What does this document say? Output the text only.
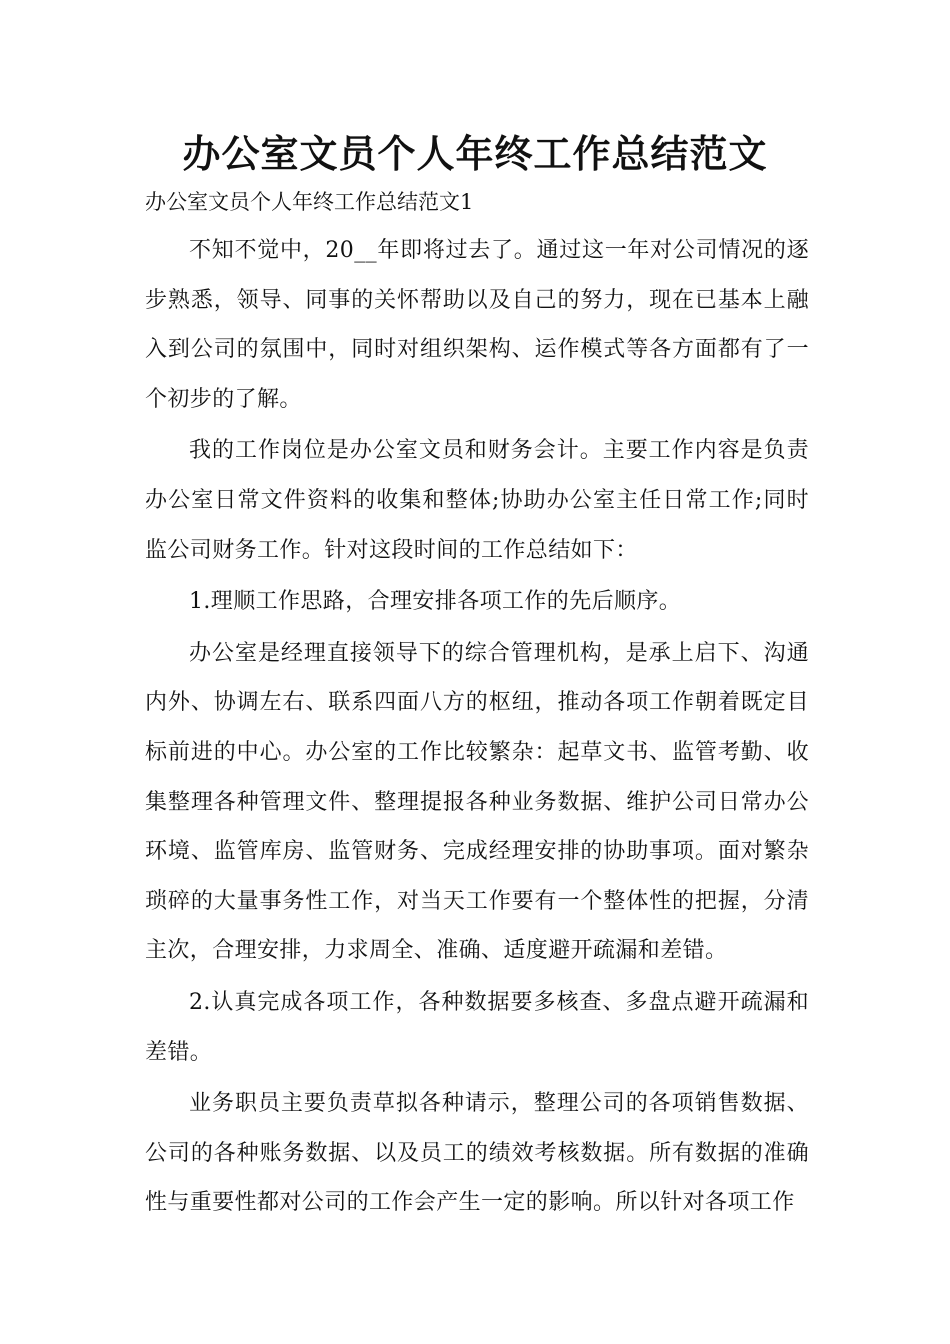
办公室文员个人年终工作总结范文
办公室文员个人年终工作总结范文1

不知不觉中，20__年即将过去了。通过这一年对公司情况的逐步熟悉，领导、同事的关怀帮助以及自己的努力，现在已基本上融入到公司的氛围中，同时对组织架构、运作模式等各方面都有了一个初步的了解。

我的工作岗位是办公室文员和财务会计。主要工作内容是负责办公室日常文件资料的收集和整体;协助办公室主任日常工作;同时监公司财务工作。针对这段时间的工作总结如下：

1.理顺工作思路，合理安排各项工作的先后顺序。

办公室是经理直接领导下的综合管理机构，是承上启下、沟通内外、协调左右、联系四面八方的枢纽，推动各项工作朝着既定目标前进的中心。办公室的工作比较繁杂：起草文书、监管考勤、收集整理各种管理文件、整理提报各种业务数据、维护公司日常办公环境、监管库房、监管财务、完成经理安排的协助事项。面对繁杂琐碎的大量事务性工作，对当天工作要有一个整体性的把握，分清主次，合理安排，力求周全、准确、适度避开疏漏和差错。

2.认真完成各项工作，各种数据要多核查、多盘点避开疏漏和差错。

业务职员主要负责草拟各种请示，整理公司的各项销售数据、公司的各种账务数据、以及员工的绩效考核数据。所有数据的准确性与重要性都对公司的工作会产生一定的影响。所以针对各项工作
